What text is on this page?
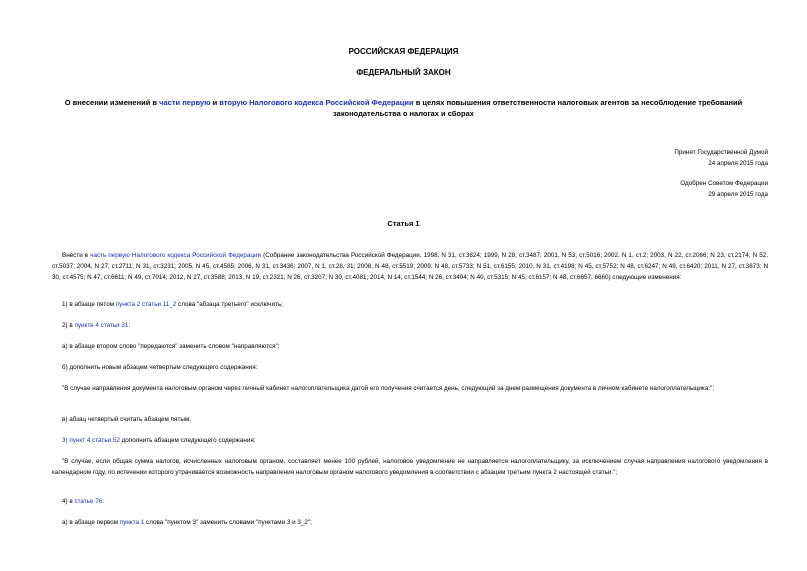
РОССИЙСКАЯ ФЕДЕРАЦИЯ
ФЕДЕРАЛЬНЫЙ ЗАКОН
О внесении изменений в части первую и вторую Налогового кодекса Российской Федерации в целях повышения ответственности налоговых агентов за несоблюдение требований законодательства о налогах и сборах
Принят Государственной Думой
24 апреля 2015 года
Одобрен Советом Федерации
29 апреля 2015 года
Статья 1
Внести в часть первую Налогового кодекса Российской Федерации (Собрание законодательства Российской Федерации, 1998, N 31, ст.3824; 1999, N 28, ст.3487; 2001, N 53, ст.5016; 2002, N 1, ст.2; 2003, N 22, ст.2066; N 23, ст.2174; N 52, ст.5037; 2004, N 27, ст.2711; N 31, ст.3231; 2005, N 45, ст.4585; 2006, N 31, ст.3436; 2007, N 1, ст.28, 31; 2008, N 48, ст.5519; 2009, N 48, ст.5733; N 51, ст.6155; 2010, N 31, ст.4198; N 45, ст.5752; N 48, ст.6247; N 49, ст.6420; 2011, N 27, ст.3873; N 30, ст.4575; N 47, ст.6611; N 49, ст.7014; 2012, N 27, ст.3588; 2013, N 19, ст.2321; N 26, ст.3207; N 30, ст.4081; 2014, N 14, ст.1544; N 26, ст.3404; N 40, ст.5315; N 45, ст.6157; N 48, ст.6657, 6660) следующие изменения:
1) в абзаце пятом пункта 2 статьи 11_2 слова "абзаца третьего" исключить;
2) в пункте 4 статьи 31:
а) в абзаце втором слово "передаются" заменить словом "направляются";
б) дополнить новым абзацем четвертым следующего содержания:
"В случае направления документа налоговым органом через личный кабинет налогоплательщика датой его получения считается день, следующий за днем размещения документа в личном кабинете налогоплательщика.";
в) абзац четвертый считать абзацем пятым;
3) пункт 4 статьи 52 дополнить абзацем следующего содержания:
"В случае, если общая сумма налогов, исчисленных налоговым органом, составляет менее 100 рублей, налоговое уведомление не направляется налогоплательщику, за исключением случая направления налогового уведомления в календарном году, по истечении которого утрачивается возможность направления налоговым органом налогового уведомления в соответствии с абзацем третьим пункта 2 настоящей статьи.";
4) в статье 76:
а) в абзаце первом пункта 1 слова "пунктом 3" заменить словами "пунктами 3 и 3_2";
